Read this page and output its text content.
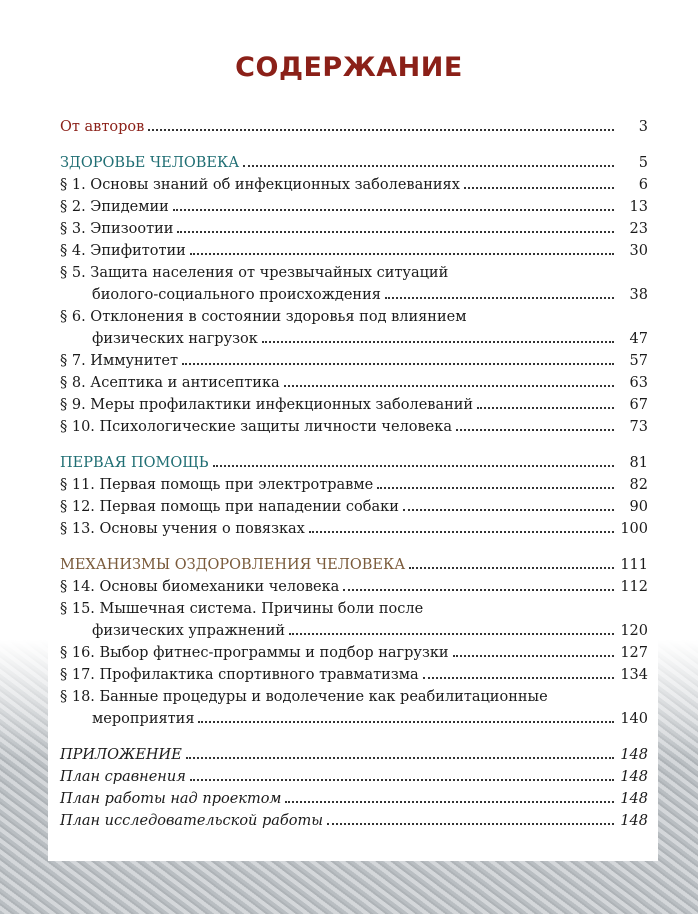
СОДЕРЖАНИЕ
От авторов	3
ЗДОРОВЬЕ ЧЕЛОВЕКА	5
§ 1. Основы знаний об инфекционных заболеваниях	6
§ 2. Эпидемии	13
§ 3. Эпизоотии	23
§ 4. Эпифитотии	30
§ 5. Защита населения от чрезвычайных ситуаций
биолого-социального происхождения	38
§ 6. Отклонения в состоянии здоровья под влиянием
физических нагрузок	47
§ 7. Иммунитет	57
§ 8. Асептика и антисептика	63
§ 9. Меры профилактики инфекционных заболеваний	67
§ 10. Психологические защиты личности человека	73
ПЕРВАЯ ПОМОЩЬ	81
§ 11. Первая помощь при электротравме	82
§ 12. Первая помощь при нападении собаки	90
§ 13. Основы учения о повязках	100
МЕХАНИЗМЫ ОЗДОРОВЛЕНИЯ ЧЕЛОВЕКА	111
§ 14. Основы биомеханики человека	112
§ 15. Мышечная система. Причины боли после
физических упражнений	120
§ 16. Выбор фитнес-программы и подбор нагрузки	127
§ 17. Профилактика спортивного травматизма	134
§ 18. Банные процедуры и водолечение как реабилитационные
мероприятия	140
ПРИЛОЖЕНИЕ	148
План сравнения	148
План работы над проектом	148
План исследовательской работы	148
